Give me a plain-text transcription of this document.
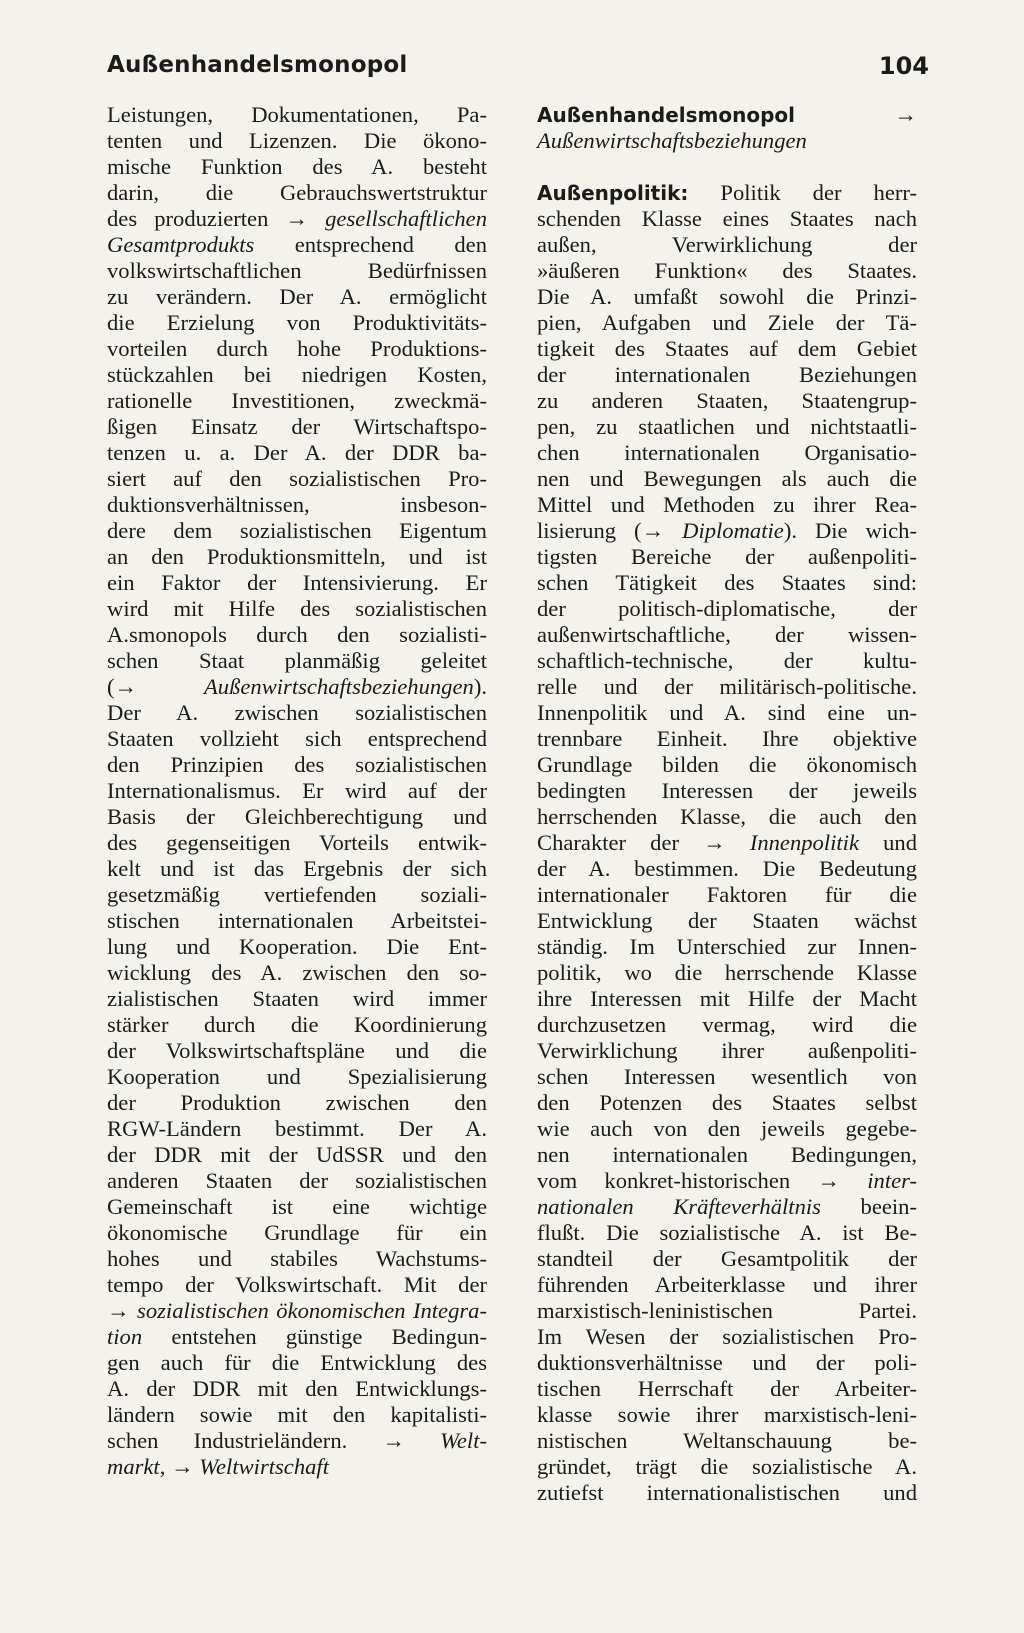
Außenhandelsmonopol	104
Leistungen, Dokumentationen, Pa-
tenten und Lizenzen. Die ökono-
mische Funktion des A. besteht
darin, die Gebrauchswertstruktur
des produzierten → gesellschaftlichen
Gesamtprodukts entsprechend den
volkswirtschaftlichen Bedürfnissen
zu verändern. Der A. ermöglicht
die Erzielung von Produktivitäts-
vorteilen durch hohe Produktions-
stückzahlen bei niedrigen Kosten,
rationelle Investitionen, zweckmä-
ßigen Einsatz der Wirtschaftspo-
tenzen u. a. Der A. der DDR ba-
siert auf den sozialistischen Pro-
duktionsverhältnissen, insbeson-
dere dem sozialistischen Eigentum
an den Produktionsmitteln, und ist
ein Faktor der Intensivierung. Er
wird mit Hilfe des sozialistischen
A.smonopols durch den sozialisti-
schen Staat planmäßig geleitet
(→ Außenwirtschaftsbeziehungen).
Der A. zwischen sozialistischen
Staaten vollzieht sich entsprechend
den Prinzipien des sozialistischen
Internationalismus. Er wird auf der
Basis der Gleichberechtigung und
des gegenseitigen Vorteils entwik-
kelt und ist das Ergebnis der sich
gesetzmäßig vertiefenden soziali-
stischen internationalen Arbeitstei-
lung und Kooperation. Die Ent-
wicklung des A. zwischen den so-
zialistischen Staaten wird immer
stärker durch die Koordinierung
der Volkswirtschaftspläne und die
Kooperation und Spezialisierung
der Produktion zwischen den
RGW-Ländern bestimmt. Der A.
der DDR mit der UdSSR und den
anderen Staaten der sozialistischen
Gemeinschaft ist eine wichtige
ökonomische Grundlage für ein
hohes und stabiles Wachstums-
tempo der Volkswirtschaft. Mit der
→ sozialistischen ökonomischen Integra-
tion entstehen günstige Bedingun-
gen auch für die Entwicklung des
A. der DDR mit den Entwicklungs-
ländern sowie mit den kapitalisti-
schen Industrieländern. → Welt-
markt, → Weltwirtschaft
Außenhandelsmonopol	→
Außenwirtschaftsbeziehungen
Außenpolitik: Politik der herr-
schenden Klasse eines Staates nach
außen, Verwirklichung der
»äußeren Funktion« des Staates.
Die A. umfaßt sowohl die Prinzi-
pien, Aufgaben und Ziele der Tä-
tigkeit des Staates auf dem Gebiet
der internationalen Beziehungen
zu anderen Staaten, Staatengrup-
pen, zu staatlichen und nichtstaatli-
chen internationalen Organisatio-
nen und Bewegungen als auch die
Mittel und Methoden zu ihrer Rea-
lisierung (→ Diplomatie). Die wich-
tigsten Bereiche der außenpoliti-
schen Tätigkeit des Staates sind:
der politisch-diplomatische, der
außenwirtschaftliche, der wissen-
schaftlich-technische, der kultu-
relle und der militärisch-politische.
Innenpolitik und A. sind eine un-
trennbare Einheit. Ihre objektive
Grundlage bilden die ökonomisch
bedingten Interessen der jeweils
herrschenden Klasse, die auch den
Charakter der → Innenpolitik und
der A. bestimmen. Die Bedeutung
internationaler Faktoren für die
Entwicklung der Staaten wächst
ständig. Im Unterschied zur Innen-
politik, wo die herrschende Klasse
ihre Interessen mit Hilfe der Macht
durchzusetzen vermag, wird die
Verwirklichung ihrer außenpoliti-
schen Interessen wesentlich von
den Potenzen des Staates selbst
wie auch von den jeweils gegebe-
nen internationalen Bedingungen,
vom konkret-historischen → inter-
nationalen Kräfteverhältnis beein-
flußt. Die sozialistische A. ist Be-
standteil der Gesamtpolitik der
führenden Arbeiterklasse und ihrer
marxistisch-leninistischen Partei.
Im Wesen der sozialistischen Pro-
duktionsverhältnisse und der poli-
tischen Herrschaft der Arbeiter-
klasse sowie ihrer marxistisch-leni-
nistischen Weltanschauung be-
gründet, trägt die sozialistische A.
zutiefst internationalistischen und
